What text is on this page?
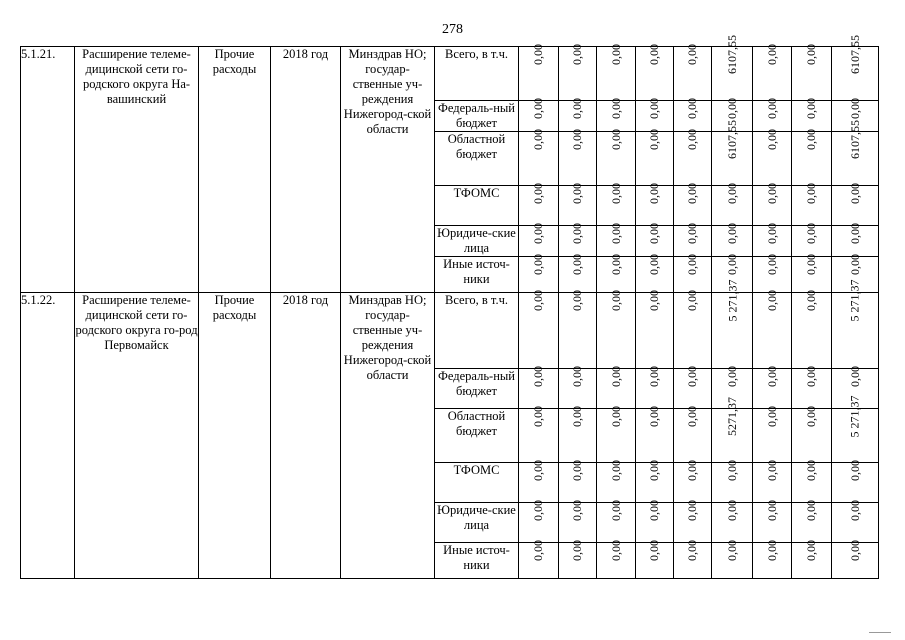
278
5.1.21.	Расширение телеме-дицинской сети го-родского округа На-вашинский	Прочие расходы	2018 год	Минздрав НО; государ-ственные уч-реждения Нижегород-ской области	Всего, в т.ч.	0,00	0,00	0,00	0,00	0,00	6107,55	0,00	0,00	6107,55
					Федераль-ный бюджет	0,00	0,00	0,00	0,00	0,00	0,00	0,00	0,00	0,00
					Областной бюджет	0,00	0,00	0,00	0,00	0,00	6107,55	0,00	0,00	6107,55
					ТФОМС	0,00	0,00	0,00	0,00	0,00	0,00	0,00	0,00	0,00
					Юридиче-ские лица	0,00	0,00	0,00	0,00	0,00	0,00	0,00	0,00	0,00
					Иные источ-ники	0,00	0,00	0,00	0,00	0,00	0,00	0,00	0,00	0,00
5.1.22.	Расширение телеме-дицинской сети го-родского округа го-род Первомайск	Прочие расходы	2018 год	Минздрав НО; государ-ственные уч-реждения Нижегород-ской области	Всего, в т.ч.	0,00	0,00	0,00	0,00	0,00	5 271,37	0,00	0,00	5 271,37
					Федераль-ный бюджет	0,00	0,00	0,00	0,00	0,00	0,00	0,00	0,00	0,00
					Областной бюджет	0,00	0,00	0,00	0,00	0,00	5271,37	0,00	0,00	5 271,37
					ТФОМС	0,00	0,00	0,00	0,00	0,00	0,00	0,00	0,00	0,00
					Юридиче-ские лица	0,00	0,00	0,00	0,00	0,00	0,00	0,00	0,00	0,00
					Иные источ-ники	0,00	0,00	0,00	0,00	0,00	0,00	0,00	0,00	0,00
